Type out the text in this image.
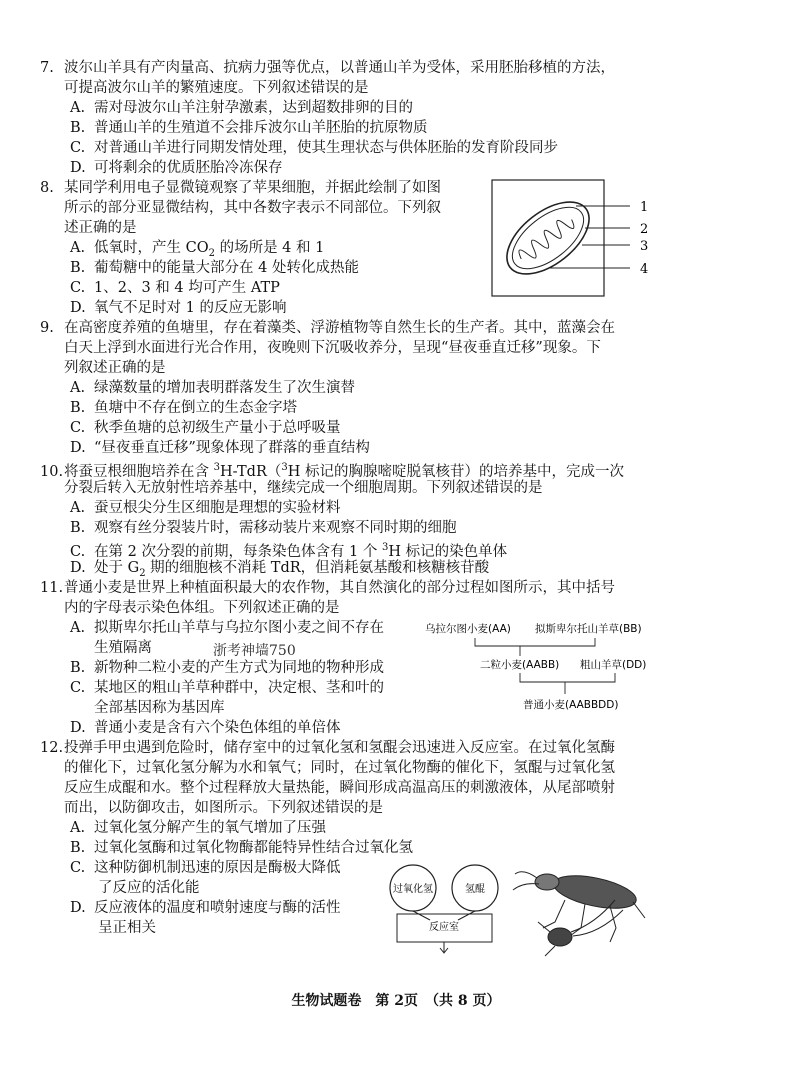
7. 波尔山羊具有产肉量高、抗病力强等优点，以普通山羊为受体，采用胚胎移植的方法，
可提高波尔山羊的繁殖速度。下列叙述错误的是
A. 需对母波尔山羊注射孕激素，达到超数排卵的目的
B. 普通山羊的生殖道不会排斥波尔山羊胚胎的抗原物质
C. 对普通山羊进行同期发情处理，使其生理状态与供体胚胎的发育阶段同步
D. 可将剩余的优质胚胎冷冻保存
8. 某同学利用电子显微镜观察了苹果细胞，并据此绘制了如图
所示的部分亚显微结构，其中各数字表示不同部位。下列叙
述正确的是
A. 低氧时，产生 $CO_2$ 的场所是 4 和 1
B. 葡萄糖中的能量大部分在 4 处转化成热能
C. 1、2、3 和 4 均可产生 ATP
D. 氧气不足时对 1 的反应无影响
1
2
3
4
9. 在高密度养殖的鱼塘里，存在着藻类、浮游植物等自然生长的生产者。其中，蓝藻会在
白天上浮到水面进行光合作用，夜晚则下沉吸收养分，呈现“昼夜垂直迁移”现象。下
列叙述正确的是
A. 绿藻数量的增加表明群落发生了次生演替
B. 鱼塘中不存在倒立的生态金字塔
C. 秋季鱼塘的总初级生产量小于总呼吸量
D. “昼夜垂直迁移”现象体现了群落的垂直结构
10.将蚕豆根细胞培养在含 $^3$H-TdR（$^3$H 标记的胸腺嘧啶脱氧核苷）的培养基中，完成一次
分裂后转入无放射性培养基中，继续完成一个细胞周期。下列叙述错误的是
A. 蚕豆根尖分生区细胞是理想的实验材料
B. 观察有丝分裂装片时，需移动装片来观察不同时期的细胞
C. 在第 2 次分裂的前期，每条染色体含有 1 个 $^3$H 标记的染色单体
D. 处于 $G_2$ 期的细胞核不消耗 TdR，但消耗氨基酸和核糖核苷酸
11.普通小麦是世界上种植面积最大的农作物，其自然演化的部分过程如图所示，其中括号
内的字母表示染色体组。下列叙述正确的是
A. 拟斯卑尔托山羊草与乌拉尔图小麦之间不存在
生殖隔离	浙考神墙750
B. 新物种二粒小麦的产生方式为同地的物种形成
C. 某地区的粗山羊草种群中，决定根、茎和叶的
全部基因称为基因库
D. 普通小麦是含有六个染色体组的单倍体
乌拉尔图小麦(AA) 拟斯卑尔托山羊草(BB)
二粒小麦(AABB) 粗山羊草(DD)
普通小麦(AABBDD)
12.投弹手甲虫遇到危险时，储存室中的过氧化氢和氢醌会迅速进入反应室。在过氧化氢酶
的催化下，过氧化氢分解为水和氧气；同时，在过氧化物酶的催化下，氢醌与过氧化氢
反应生成醌和水。整个过程释放大量热能，瞬间形成高温高压的刺激液体，从尾部喷射
而出，以防御攻击，如图所示。下列叙述错误的是
A. 过氧化氢分解产生的氧气增加了压强
B. 过氧化氢酶和过氧化物酶都能特异性结合过氧化氢
C. 这种防御机制迅速的原因是酶极大降低
了反应的活化能
D. 反应液体的温度和喷射速度与酶的活性
呈正相关
过氧化氢	氢醌
反应室
生物试题卷　第 2页　（共 8 页）
